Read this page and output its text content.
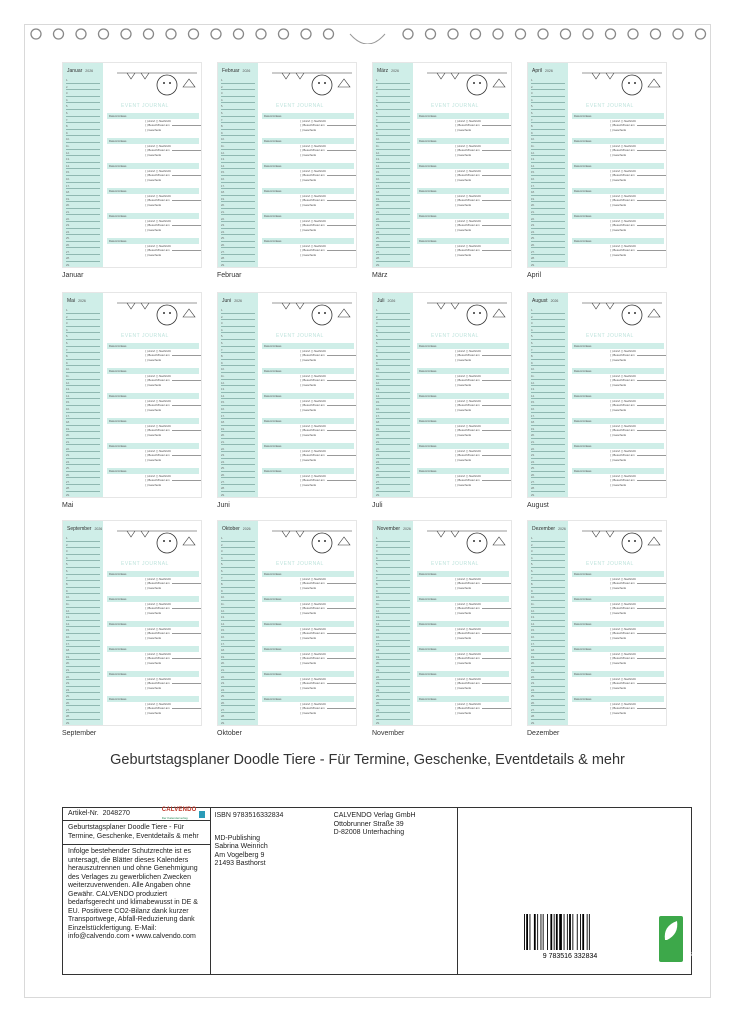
Januar 2026
1.
2.
3.
4.
5.
6.
7.
8.
9.
10.
11.
12.
13.
14.
15.
16.
17.
18.
19.
20.
21.
22.
23.
24.
25.
26.
27.
28.
29.
EVENT JOURNAL
Datum/Anlass
( ) Anruf ( ) Nachricht
( ) Besuch/Feier am
( ) Geschenk
Datum/Anlass
( ) Anruf ( ) Nachricht
( ) Besuch/Feier am
( ) Geschenk
Datum/Anlass
( ) Anruf ( ) Nachricht
( ) Besuch/Feier am
( ) Geschenk
Datum/Anlass
( ) Anruf ( ) Nachricht
( ) Besuch/Feier am
( ) Geschenk
Datum/Anlass
( ) Anruf ( ) Nachricht
( ) Besuch/Feier am
( ) Geschenk
Datum/Anlass
( ) Anruf ( ) Nachricht
( ) Besuch/Feier am
( ) Geschenk
Januar
Februar 2026
1.
2.
3.
4.
5.
6.
7.
8.
9.
10.
11.
12.
13.
14.
15.
16.
17.
18.
19.
20.
21.
22.
23.
24.
25.
26.
27.
28.
29.
EVENT JOURNAL
Datum/Anlass
( ) Anruf ( ) Nachricht
( ) Besuch/Feier am
( ) Geschenk
Datum/Anlass
( ) Anruf ( ) Nachricht
( ) Besuch/Feier am
( ) Geschenk
Datum/Anlass
( ) Anruf ( ) Nachricht
( ) Besuch/Feier am
( ) Geschenk
Datum/Anlass
( ) Anruf ( ) Nachricht
( ) Besuch/Feier am
( ) Geschenk
Datum/Anlass
( ) Anruf ( ) Nachricht
( ) Besuch/Feier am
( ) Geschenk
Datum/Anlass
( ) Anruf ( ) Nachricht
( ) Besuch/Feier am
( ) Geschenk
Februar
März 2026
1.
2.
3.
4.
5.
6.
7.
8.
9.
10.
11.
12.
13.
14.
15.
16.
17.
18.
19.
20.
21.
22.
23.
24.
25.
26.
27.
28.
29.
EVENT JOURNAL
Datum/Anlass
( ) Anruf ( ) Nachricht
( ) Besuch/Feier am
( ) Geschenk
Datum/Anlass
( ) Anruf ( ) Nachricht
( ) Besuch/Feier am
( ) Geschenk
Datum/Anlass
( ) Anruf ( ) Nachricht
( ) Besuch/Feier am
( ) Geschenk
Datum/Anlass
( ) Anruf ( ) Nachricht
( ) Besuch/Feier am
( ) Geschenk
Datum/Anlass
( ) Anruf ( ) Nachricht
( ) Besuch/Feier am
( ) Geschenk
Datum/Anlass
( ) Anruf ( ) Nachricht
( ) Besuch/Feier am
( ) Geschenk
März
April 2026
1.
2.
3.
4.
5.
6.
7.
8.
9.
10.
11.
12.
13.
14.
15.
16.
17.
18.
19.
20.
21.
22.
23.
24.
25.
26.
27.
28.
29.
EVENT JOURNAL
Datum/Anlass
( ) Anruf ( ) Nachricht
( ) Besuch/Feier am
( ) Geschenk
Datum/Anlass
( ) Anruf ( ) Nachricht
( ) Besuch/Feier am
( ) Geschenk
Datum/Anlass
( ) Anruf ( ) Nachricht
( ) Besuch/Feier am
( ) Geschenk
Datum/Anlass
( ) Anruf ( ) Nachricht
( ) Besuch/Feier am
( ) Geschenk
Datum/Anlass
( ) Anruf ( ) Nachricht
( ) Besuch/Feier am
( ) Geschenk
Datum/Anlass
( ) Anruf ( ) Nachricht
( ) Besuch/Feier am
( ) Geschenk
April
Mai 2026
1.
2.
3.
4.
5.
6.
7.
8.
9.
10.
11.
12.
13.
14.
15.
16.
17.
18.
19.
20.
21.
22.
23.
24.
25.
26.
27.
28.
29.
EVENT JOURNAL
Datum/Anlass
( ) Anruf ( ) Nachricht
( ) Besuch/Feier am
( ) Geschenk
Datum/Anlass
( ) Anruf ( ) Nachricht
( ) Besuch/Feier am
( ) Geschenk
Datum/Anlass
( ) Anruf ( ) Nachricht
( ) Besuch/Feier am
( ) Geschenk
Datum/Anlass
( ) Anruf ( ) Nachricht
( ) Besuch/Feier am
( ) Geschenk
Datum/Anlass
( ) Anruf ( ) Nachricht
( ) Besuch/Feier am
( ) Geschenk
Datum/Anlass
( ) Anruf ( ) Nachricht
( ) Besuch/Feier am
( ) Geschenk
Mai
Juni 2026
1.
2.
3.
4.
5.
6.
7.
8.
9.
10.
11.
12.
13.
14.
15.
16.
17.
18.
19.
20.
21.
22.
23.
24.
25.
26.
27.
28.
29.
EVENT JOURNAL
Datum/Anlass
( ) Anruf ( ) Nachricht
( ) Besuch/Feier am
( ) Geschenk
Datum/Anlass
( ) Anruf ( ) Nachricht
( ) Besuch/Feier am
( ) Geschenk
Datum/Anlass
( ) Anruf ( ) Nachricht
( ) Besuch/Feier am
( ) Geschenk
Datum/Anlass
( ) Anruf ( ) Nachricht
( ) Besuch/Feier am
( ) Geschenk
Datum/Anlass
( ) Anruf ( ) Nachricht
( ) Besuch/Feier am
( ) Geschenk
Datum/Anlass
( ) Anruf ( ) Nachricht
( ) Besuch/Feier am
( ) Geschenk
Juni
Juli 2026
1.
2.
3.
4.
5.
6.
7.
8.
9.
10.
11.
12.
13.
14.
15.
16.
17.
18.
19.
20.
21.
22.
23.
24.
25.
26.
27.
28.
29.
EVENT JOURNAL
Datum/Anlass
( ) Anruf ( ) Nachricht
( ) Besuch/Feier am
( ) Geschenk
Datum/Anlass
( ) Anruf ( ) Nachricht
( ) Besuch/Feier am
( ) Geschenk
Datum/Anlass
( ) Anruf ( ) Nachricht
( ) Besuch/Feier am
( ) Geschenk
Datum/Anlass
( ) Anruf ( ) Nachricht
( ) Besuch/Feier am
( ) Geschenk
Datum/Anlass
( ) Anruf ( ) Nachricht
( ) Besuch/Feier am
( ) Geschenk
Datum/Anlass
( ) Anruf ( ) Nachricht
( ) Besuch/Feier am
( ) Geschenk
Juli
August 2026
1.
2.
3.
4.
5.
6.
7.
8.
9.
10.
11.
12.
13.
14.
15.
16.
17.
18.
19.
20.
21.
22.
23.
24.
25.
26.
27.
28.
29.
EVENT JOURNAL
Datum/Anlass
( ) Anruf ( ) Nachricht
( ) Besuch/Feier am
( ) Geschenk
Datum/Anlass
( ) Anruf ( ) Nachricht
( ) Besuch/Feier am
( ) Geschenk
Datum/Anlass
( ) Anruf ( ) Nachricht
( ) Besuch/Feier am
( ) Geschenk
Datum/Anlass
( ) Anruf ( ) Nachricht
( ) Besuch/Feier am
( ) Geschenk
Datum/Anlass
( ) Anruf ( ) Nachricht
( ) Besuch/Feier am
( ) Geschenk
Datum/Anlass
( ) Anruf ( ) Nachricht
( ) Besuch/Feier am
( ) Geschenk
August
September 2026
1.
2.
3.
4.
5.
6.
7.
8.
9.
10.
11.
12.
13.
14.
15.
16.
17.
18.
19.
20.
21.
22.
23.
24.
25.
26.
27.
28.
29.
EVENT JOURNAL
Datum/Anlass
( ) Anruf ( ) Nachricht
( ) Besuch/Feier am
( ) Geschenk
Datum/Anlass
( ) Anruf ( ) Nachricht
( ) Besuch/Feier am
( ) Geschenk
Datum/Anlass
( ) Anruf ( ) Nachricht
( ) Besuch/Feier am
( ) Geschenk
Datum/Anlass
( ) Anruf ( ) Nachricht
( ) Besuch/Feier am
( ) Geschenk
Datum/Anlass
( ) Anruf ( ) Nachricht
( ) Besuch/Feier am
( ) Geschenk
Datum/Anlass
( ) Anruf ( ) Nachricht
( ) Besuch/Feier am
( ) Geschenk
September
Oktober 2026
1.
2.
3.
4.
5.
6.
7.
8.
9.
10.
11.
12.
13.
14.
15.
16.
17.
18.
19.
20.
21.
22.
23.
24.
25.
26.
27.
28.
29.
EVENT JOURNAL
Datum/Anlass
( ) Anruf ( ) Nachricht
( ) Besuch/Feier am
( ) Geschenk
Datum/Anlass
( ) Anruf ( ) Nachricht
( ) Besuch/Feier am
( ) Geschenk
Datum/Anlass
( ) Anruf ( ) Nachricht
( ) Besuch/Feier am
( ) Geschenk
Datum/Anlass
( ) Anruf ( ) Nachricht
( ) Besuch/Feier am
( ) Geschenk
Datum/Anlass
( ) Anruf ( ) Nachricht
( ) Besuch/Feier am
( ) Geschenk
Datum/Anlass
( ) Anruf ( ) Nachricht
( ) Besuch/Feier am
( ) Geschenk
Oktober
November 2026
1.
2.
3.
4.
5.
6.
7.
8.
9.
10.
11.
12.
13.
14.
15.
16.
17.
18.
19.
20.
21.
22.
23.
24.
25.
26.
27.
28.
29.
EVENT JOURNAL
Datum/Anlass
( ) Anruf ( ) Nachricht
( ) Besuch/Feier am
( ) Geschenk
Datum/Anlass
( ) Anruf ( ) Nachricht
( ) Besuch/Feier am
( ) Geschenk
Datum/Anlass
( ) Anruf ( ) Nachricht
( ) Besuch/Feier am
( ) Geschenk
Datum/Anlass
( ) Anruf ( ) Nachricht
( ) Besuch/Feier am
( ) Geschenk
Datum/Anlass
( ) Anruf ( ) Nachricht
( ) Besuch/Feier am
( ) Geschenk
Datum/Anlass
( ) Anruf ( ) Nachricht
( ) Besuch/Feier am
( ) Geschenk
November
Dezember 2026
1.
2.
3.
4.
5.
6.
7.
8.
9.
10.
11.
12.
13.
14.
15.
16.
17.
18.
19.
20.
21.
22.
23.
24.
25.
26.
27.
28.
29.
EVENT JOURNAL
Datum/Anlass
( ) Anruf ( ) Nachricht
( ) Besuch/Feier am
( ) Geschenk
Datum/Anlass
( ) Anruf ( ) Nachricht
( ) Besuch/Feier am
( ) Geschenk
Datum/Anlass
( ) Anruf ( ) Nachricht
( ) Besuch/Feier am
( ) Geschenk
Datum/Anlass
( ) Anruf ( ) Nachricht
( ) Besuch/Feier am
( ) Geschenk
Datum/Anlass
( ) Anruf ( ) Nachricht
( ) Besuch/Feier am
( ) Geschenk
Datum/Anlass
( ) Anruf ( ) Nachricht
( ) Besuch/Feier am
( ) Geschenk
Dezember
Geburtstagsplaner Doodle Tiere - Für Termine, Geschenke, Eventdetails & mehr
Artikel-Nr. 2048270
CALVENDO
Der Kalenderverlag
Geburtstagsplaner Doodle Tiere - Für Termine, Geschenke, Eventdetails & mehr
Infolge bestehender Schutzrechte ist es untersagt, die Blätter dieses Kalenders herauszutrennen und ohne Genehmigung des Verlages zu gewerblichen Zwecken weiterzuverwenden. Alle Angaben ohne Gewähr. CALVENDO produziert bedarfsgerecht und klimabewusst in DE & EU. Positivere CO2-Bilanz dank kurzer Transportwege, Abfall-Reduzierung dank Einzelstückfertigung. E-Mail: info@calvendo.com • www.calvendo.com
ISBN 9783516332834
MD-Publishing
Sabrina Weinrich
Am Vogelberg 9
21493 Basthorst
CALVENDO Verlag GmbH
Ottobrunner Straße 39
D-82008 Unterhaching
9 783516 332834	eco
